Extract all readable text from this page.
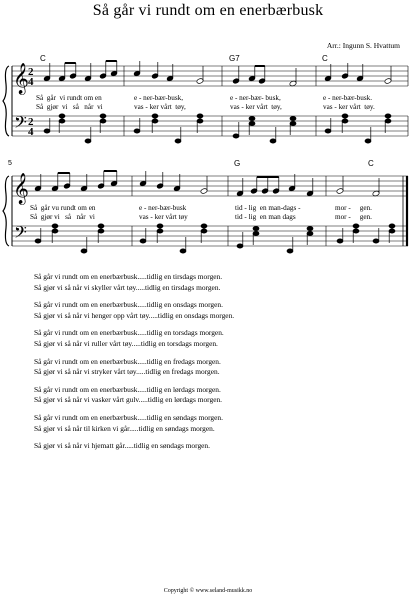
Så går vi rundt om en enerbærbusk
Arr.: Ingunn S. Hvattum
𝄞
𝄢
𝄞
𝄢
2
4
2
4
C	G7	C
G	C
5
Så  går  vi rundt om en
Så  gjør  vi   så   når  vi
e - ner-bær-busk,
vas - ker vårt  tøy,
e - ner-bær- busk,
vas - ker vårt  tøy,
e - ner-bær-busk.
vas - ker vårt  tøy.
Så  går vu rundt om en
Så  gjør vi   så   når  vi
e - ner-bær-busk
vas - ker vårt tøy
tid - lig  en man-dags -
tid - lig  en man dags
mor -     gen.
mor -     gen.
Så går vi rundt om en enerbærbusk.....tidlig en tirsdags morgen.
Så gjør vi så når vi skyller vårt tøy.....tidlig en tirsdags morgen.
Så går vi rundt om en enerbærbusk.....tidlig en onsdags morgen.
Så gjør vi så når vi henger opp vårt tøy.....tidlig en onsdags morgen.
Så går vi rundt om en enerbærbusk.....tidlig en torsdags morgen.
Så gjør vi så når vi ruller vårt tøy.....tidlig en torsdags morgen.
Så går vi rundt om en enerbærbusk.....tidlig en fredags morgen.
Så gjør vi så når vi stryker vårt tøy.....tidlig en fredags morgen.
Så går vi rundt om en enerbærbusk.....tidlig en lørdags morgen.
Så gjør vi så når vi vasker vårt gulv.....tidlig en lørdags morgen.
Så går vi rundt om en enerbærbusk.....tidlig en søndags morgen.
Så gjør vi så når til kirken vi går.....tidlig en søndags morgen.
Så gjør vi så når vi hjematt går.....tidlig en søndags morgen.
Copyright © www.seland-musikk.no
